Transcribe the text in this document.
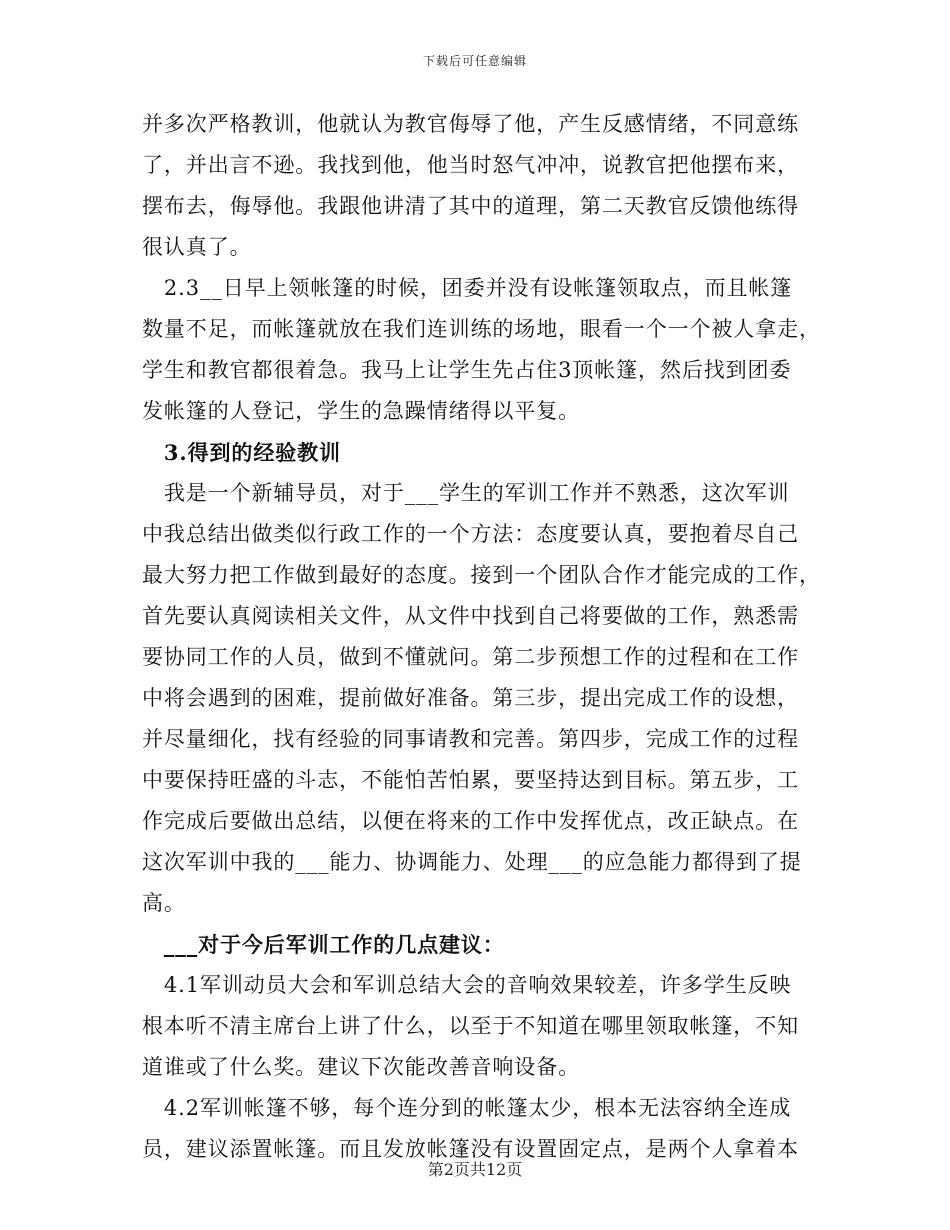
下载后可任意编辑
并多次严格教训，他就认为教官侮辱了他，产生反感情绪，不同意练
了，并出言不逊。我找到他，他当时怒气冲冲，说教官把他摆布来，
摆布去，侮辱他。我跟他讲清了其中的道理，第二天教官反馈他练得
很认真了。
　2.3__日早上领帐篷的时候，团委并没有设帐篷领取点，而且帐篷
数量不足，而帐篷就放在我们连训练的场地，眼看一个一个被人拿走，
学生和教官都很着急。我马上让学生先占住3顶帐篷，然后找到团委
发帐篷的人登记，学生的急躁情绪得以平复。
　3.得到的经验教训
　我是一个新辅导员，对于___学生的军训工作并不熟悉，这次军训
中我总结出做类似行政工作的一个方法：态度要认真，要抱着尽自己
最大努力把工作做到最好的态度。接到一个团队合作才能完成的工作，
首先要认真阅读相关文件，从文件中找到自己将要做的工作，熟悉需
要协同工作的人员，做到不懂就问。第二步预想工作的过程和在工作
中将会遇到的困难，提前做好准备。第三步，提出完成工作的设想，
并尽量细化，找有经验的同事请教和完善。第四步，完成工作的过程
中要保持旺盛的斗志，不能怕苦怕累，要坚持达到目标。第五步，工
作完成后要做出总结，以便在将来的工作中发挥优点，改正缺点。在
这次军训中我的___能力、协调能力、处理___的应急能力都得到了提
高。
　___对于今后军训工作的几点建议：
　4.1军训动员大会和军训总结大会的音响效果较差，许多学生反映
根本听不清主席台上讲了什么，以至于不知道在哪里领取帐篷，不知
道谁或了什么奖。建议下次能改善音响设备。
　4.2军训帐篷不够，每个连分到的帐篷太少，根本无法容纳全连成
员，建议添置帐篷。而且发放帐篷没有设置固定点，是两个人拿着本
第2页共12页
